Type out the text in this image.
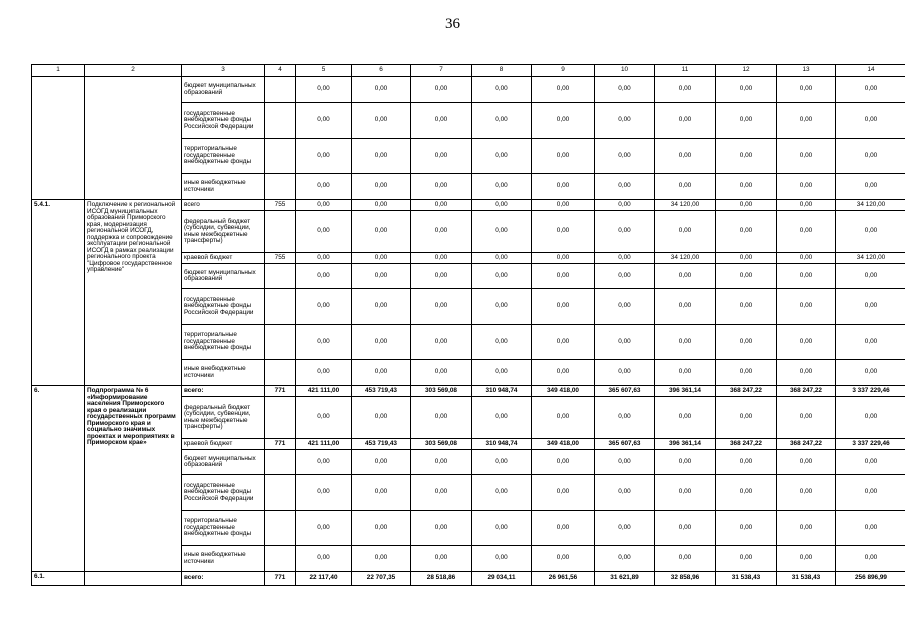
36
1	2	3	4	5	6	7	8	9	10	11	12	13	14
		бюджет муниципальных образований		0,00	0,00	0,00	0,00	0,00	0,00	0,00	0,00	0,00	0,00
		государственные внебюджетные фонды Российской Федерации		0,00	0,00	0,00	0,00	0,00	0,00	0,00	0,00	0,00	0,00
		территориальные государственные внебюджетные фонды		0,00	0,00	0,00	0,00	0,00	0,00	0,00	0,00	0,00	0,00
		иные внебюджетные источники		0,00	0,00	0,00	0,00	0,00	0,00	0,00	0,00	0,00	0,00
5.4.1.	Подключение к региональной ИСОГД муниципальных образований Приморского края, модернизация региональной ИСОГД, поддержка и сопровождение эксплуатации региональной ИСОГД в рамках реализации регионального проекта "Цифровое государственное управление"	всего	755	0,00	0,00	0,00	0,00	0,00	0,00	34 120,00	0,00	0,00	34 120,00
		федеральный бюджет (субсидии, субвенции, иные межбюджетные трансферты)		0,00	0,00	0,00	0,00	0,00	0,00	0,00	0,00	0,00	0,00
		краевой бюджет	755	0,00	0,00	0,00	0,00	0,00	0,00	34 120,00	0,00	0,00	34 120,00
		бюджет муниципальных образований		0,00	0,00	0,00	0,00	0,00	0,00	0,00	0,00	0,00	0,00
		государственные внебюджетные фонды Российской Федерации		0,00	0,00	0,00	0,00	0,00	0,00	0,00	0,00	0,00	0,00
		территориальные государственные внебюджетные фонды		0,00	0,00	0,00	0,00	0,00	0,00	0,00	0,00	0,00	0,00
		иные внебюджетные источники		0,00	0,00	0,00	0,00	0,00	0,00	0,00	0,00	0,00	0,00
6.	Подпрограмма № 6 «Информирование населения Приморского края о реализации государственных программ Приморского края и социально значимых проектах и мероприятиях в Приморском крае»	всего:	771	421 111,00	453 719,43	303 569,08	310 948,74	349 418,00	365 607,63	396 361,14	368 247,22	368 247,22	3 337 229,46
		федеральный бюджет (субсидии, субвенции, иные межбюджетные трансферты)		0,00	0,00	0,00	0,00	0,00	0,00	0,00	0,00	0,00	0,00
		краевой бюджет	771	421 111,00	453 719,43	303 569,08	310 948,74	349 418,00	365 607,63	396 361,14	368 247,22	368 247,22	3 337 229,46
		бюджет муниципальных образований		0,00	0,00	0,00	0,00	0,00	0,00	0,00	0,00	0,00	0,00
		государственные внебюджетные фонды Российской Федерации		0,00	0,00	0,00	0,00	0,00	0,00	0,00	0,00	0,00	0,00
		территориальные государственные внебюджетные фонды		0,00	0,00	0,00	0,00	0,00	0,00	0,00	0,00	0,00	0,00
		иные внебюджетные источники		0,00	0,00	0,00	0,00	0,00	0,00	0,00	0,00	0,00	0,00
6.1.		всего:	771	22 117,40	22 707,35	28 518,86	29 034,11	26 961,56	31 621,89	32 858,96	31 538,43	31 538,43	256 896,99
